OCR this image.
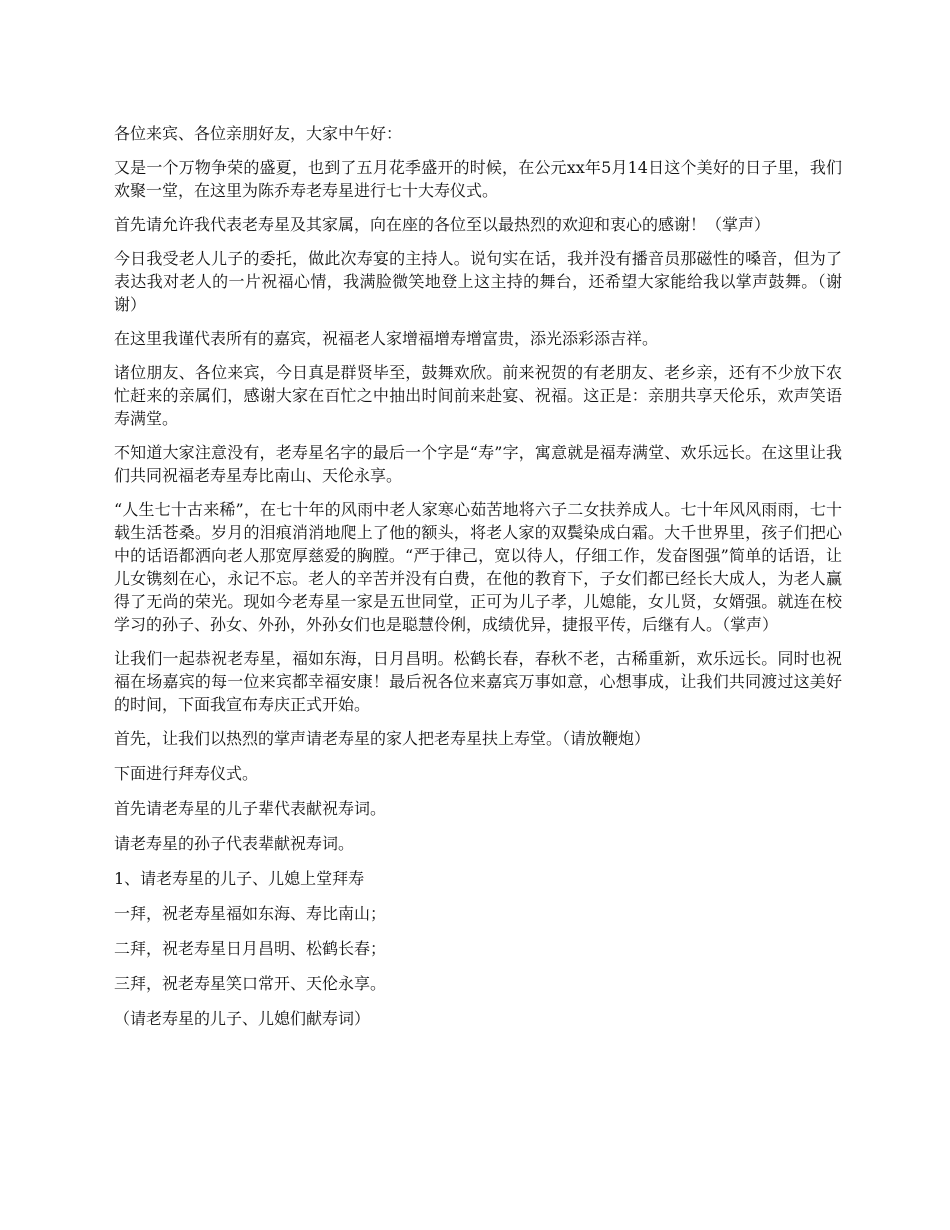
各位来宾、各位亲朋好友，大家中午好：

又是一个万物争荣的盛夏，也到了五月花季盛开的时候，在公元xx年5月14日这个美好的日子里，我们欢聚一堂，在这里为陈乔寿老寿星进行七十大寿仪式。

首先请允许我代表老寿星及其家属，向在座的各位至以最热烈的欢迎和衷心的感谢！（掌声）

今日我受老人儿子的委托，做此次寿宴的主持人。说句实在话，我并没有播音员那磁性的嗓音，但为了表达我对老人的一片祝福心情，我满脸微笑地登上这主持的舞台，还希望大家能给我以掌声鼓舞。（谢谢）

在这里我谨代表所有的嘉宾，祝福老人家增福增寿增富贵，添光添彩添吉祥。

诸位朋友、各位来宾，今日真是群贤毕至，鼓舞欢欣。前来祝贺的有老朋友、老乡亲，还有不少放下农忙赶来的亲属们，感谢大家在百忙之中抽出时间前来赴宴、祝福。这正是：亲朋共享天伦乐，欢声笑语寿满堂。

不知道大家注意没有，老寿星名字的最后一个字是“寿”字，寓意就是福寿满堂、欢乐远长。在这里让我们共同祝福老寿星寿比南山、天伦永享。

“人生七十古来稀”，在七十年的风雨中老人家寒心茹苦地将六子二女扶养成人。七十年风风雨雨，七十载生活苍桑。岁月的泪痕消消地爬上了他的额头，将老人家的双鬓染成白霜。大千世界里，孩子们把心中的话语都洒向老人那宽厚慈爱的胸膛。“严于律己，宽以待人，仔细工作，发奋图强”简单的话语，让儿女镌刻在心，永记不忘。老人的辛苦并没有白费，在他的教育下，子女们都已经长大成人，为老人赢得了无尚的荣光。现如今老寿星一家是五世同堂，正可为儿子孝，儿媳能，女儿贤，女婿强。就连在校学习的孙子、孙女、外孙，外孙女们也是聪慧伶俐，成绩优异，捷报平传，后继有人。（掌声）

让我们一起恭祝老寿星，福如东海，日月昌明。松鹤长春，春秋不老，古稀重新，欢乐远长。同时也祝福在场嘉宾的每一位来宾都幸福安康！最后祝各位来嘉宾万事如意，心想事成，让我们共同渡过这美好的时间，下面我宣布寿庆正式开始。

首先，让我们以热烈的掌声请老寿星的家人把老寿星扶上寿堂。（请放鞭炮）

下面进行拜寿仪式。

首先请老寿星的儿子辈代表献祝寿词。

请老寿星的孙子代表辈献祝寿词。

1、请老寿星的儿子、儿媳上堂拜寿

一拜，祝老寿星福如东海、寿比南山；

二拜，祝老寿星日月昌明、松鹤长春；

三拜，祝老寿星笑口常开、天伦永享。

（请老寿星的儿子、儿媳们献寿词）
